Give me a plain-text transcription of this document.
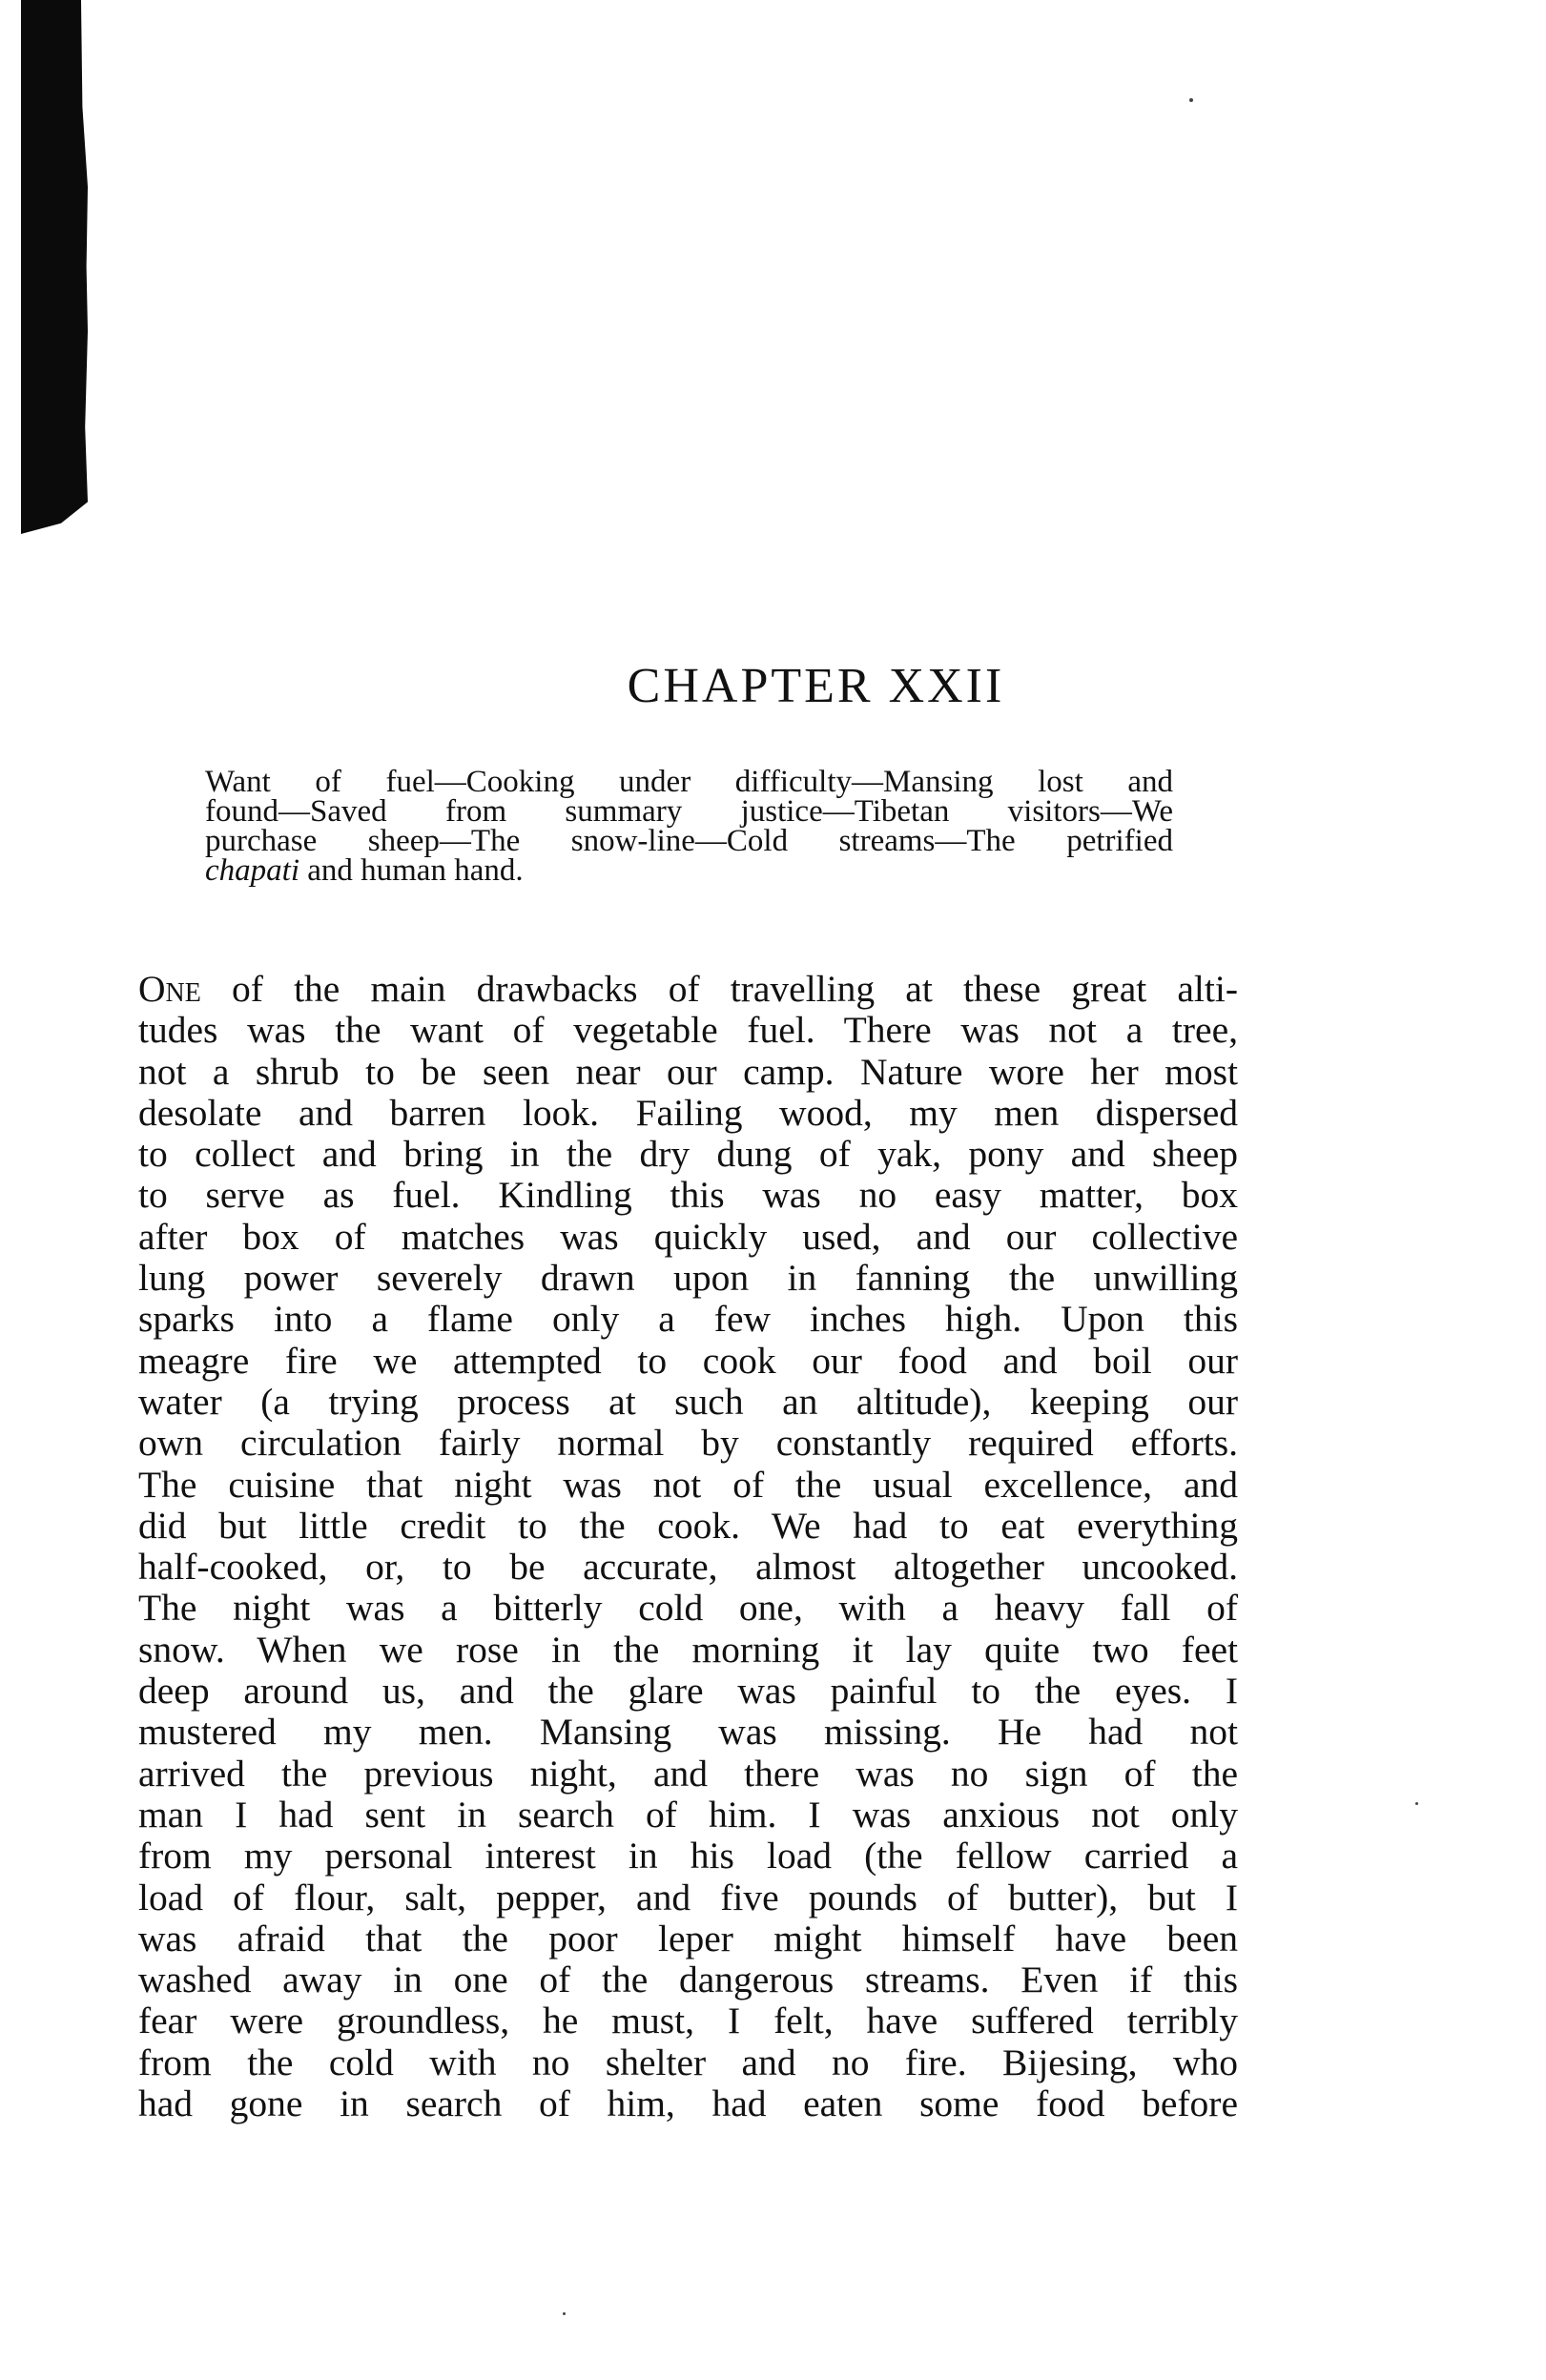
CHAPTER XXII

Want of fuel—Cooking under difficulty—Mansing lost and
found—Saved from summary justice—Tibetan visitors—We
purchase sheep—The snow-line—Cold streams—The petrified
chapati and human hand.

One of the main drawbacks of travelling at these great alti-
tudes was the want of vegetable fuel. There was not a tree,
not a shrub to be seen near our camp. Nature wore her most
desolate and barren look. Failing wood, my men dispersed
to collect and bring in the dry dung of yak, pony and sheep
to serve as fuel. Kindling this was no easy matter, box
after box of matches was quickly used, and our collective
lung power severely drawn upon in fanning the unwilling
sparks into a flame only a few inches high. Upon this
meagre fire we attempted to cook our food and boil our
water (a trying process at such an altitude), keeping our
own circulation fairly normal by constantly required efforts.
The cuisine that night was not of the usual excellence, and
did but little credit to the cook. We had to eat everything
half-cooked, or, to be accurate, almost altogether uncooked.
The night was a bitterly cold one, with a heavy fall of
snow. When we rose in the morning it lay quite two feet
deep around us, and the glare was painful to the eyes. I
mustered my men. Mansing was missing. He had not
arrived the previous night, and there was no sign of the
man I had sent in search of him. I was anxious not only
from my personal interest in his load (the fellow carried a
load of flour, salt, pepper, and five pounds of butter), but I
was afraid that the poor leper might himself have been
washed away in one of the dangerous streams. Even if this
fear were groundless, he must, I felt, have suffered terribly
from the cold with no shelter and no fire. Bijesing, who
had gone in search of him, had eaten some food before
